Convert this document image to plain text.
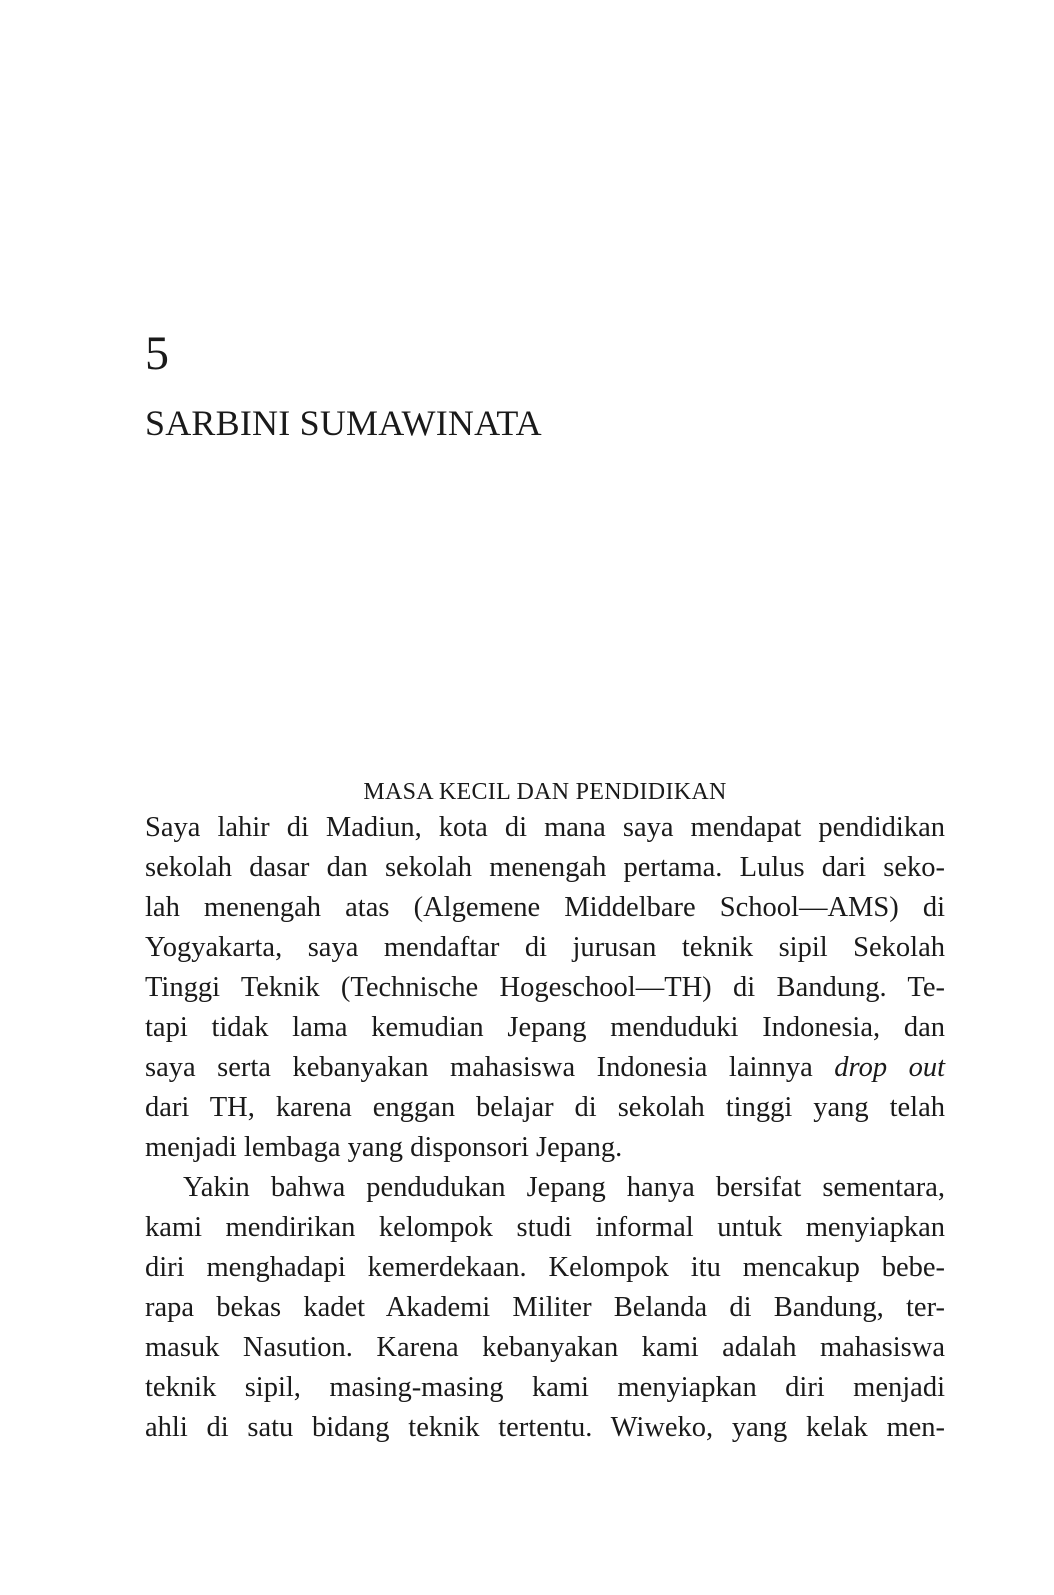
5
SARBINI SUMAWINATA
MASA KECIL DAN PENDIDIKAN
Saya lahir di Madiun, kota di mana saya mendapat pendidikan
sekolah dasar dan sekolah menengah pertama. Lulus dari seko-
lah menengah atas (Algemene Middelbare School—AMS) di
Yogyakarta, saya mendaftar di jurusan teknik sipil Sekolah
Tinggi Teknik (Technische Hogeschool—TH) di Bandung. Te-
tapi tidak lama kemudian Jepang menduduki Indonesia, dan
saya serta kebanyakan mahasiswa Indonesia lainnya drop out
dari TH, karena enggan belajar di sekolah tinggi yang telah
menjadi lembaga yang disponsori Jepang.
Yakin bahwa pendudukan Jepang hanya bersifat sementara,
kami mendirikan kelompok studi informal untuk menyiapkan
diri menghadapi kemerdekaan. Kelompok itu mencakup bebe-
rapa bekas kadet Akademi Militer Belanda di Bandung, ter-
masuk Nasution. Karena kebanyakan kami adalah mahasiswa
teknik sipil, masing-masing kami menyiapkan diri menjadi
ahli di satu bidang teknik tertentu. Wiweko, yang kelak men-
